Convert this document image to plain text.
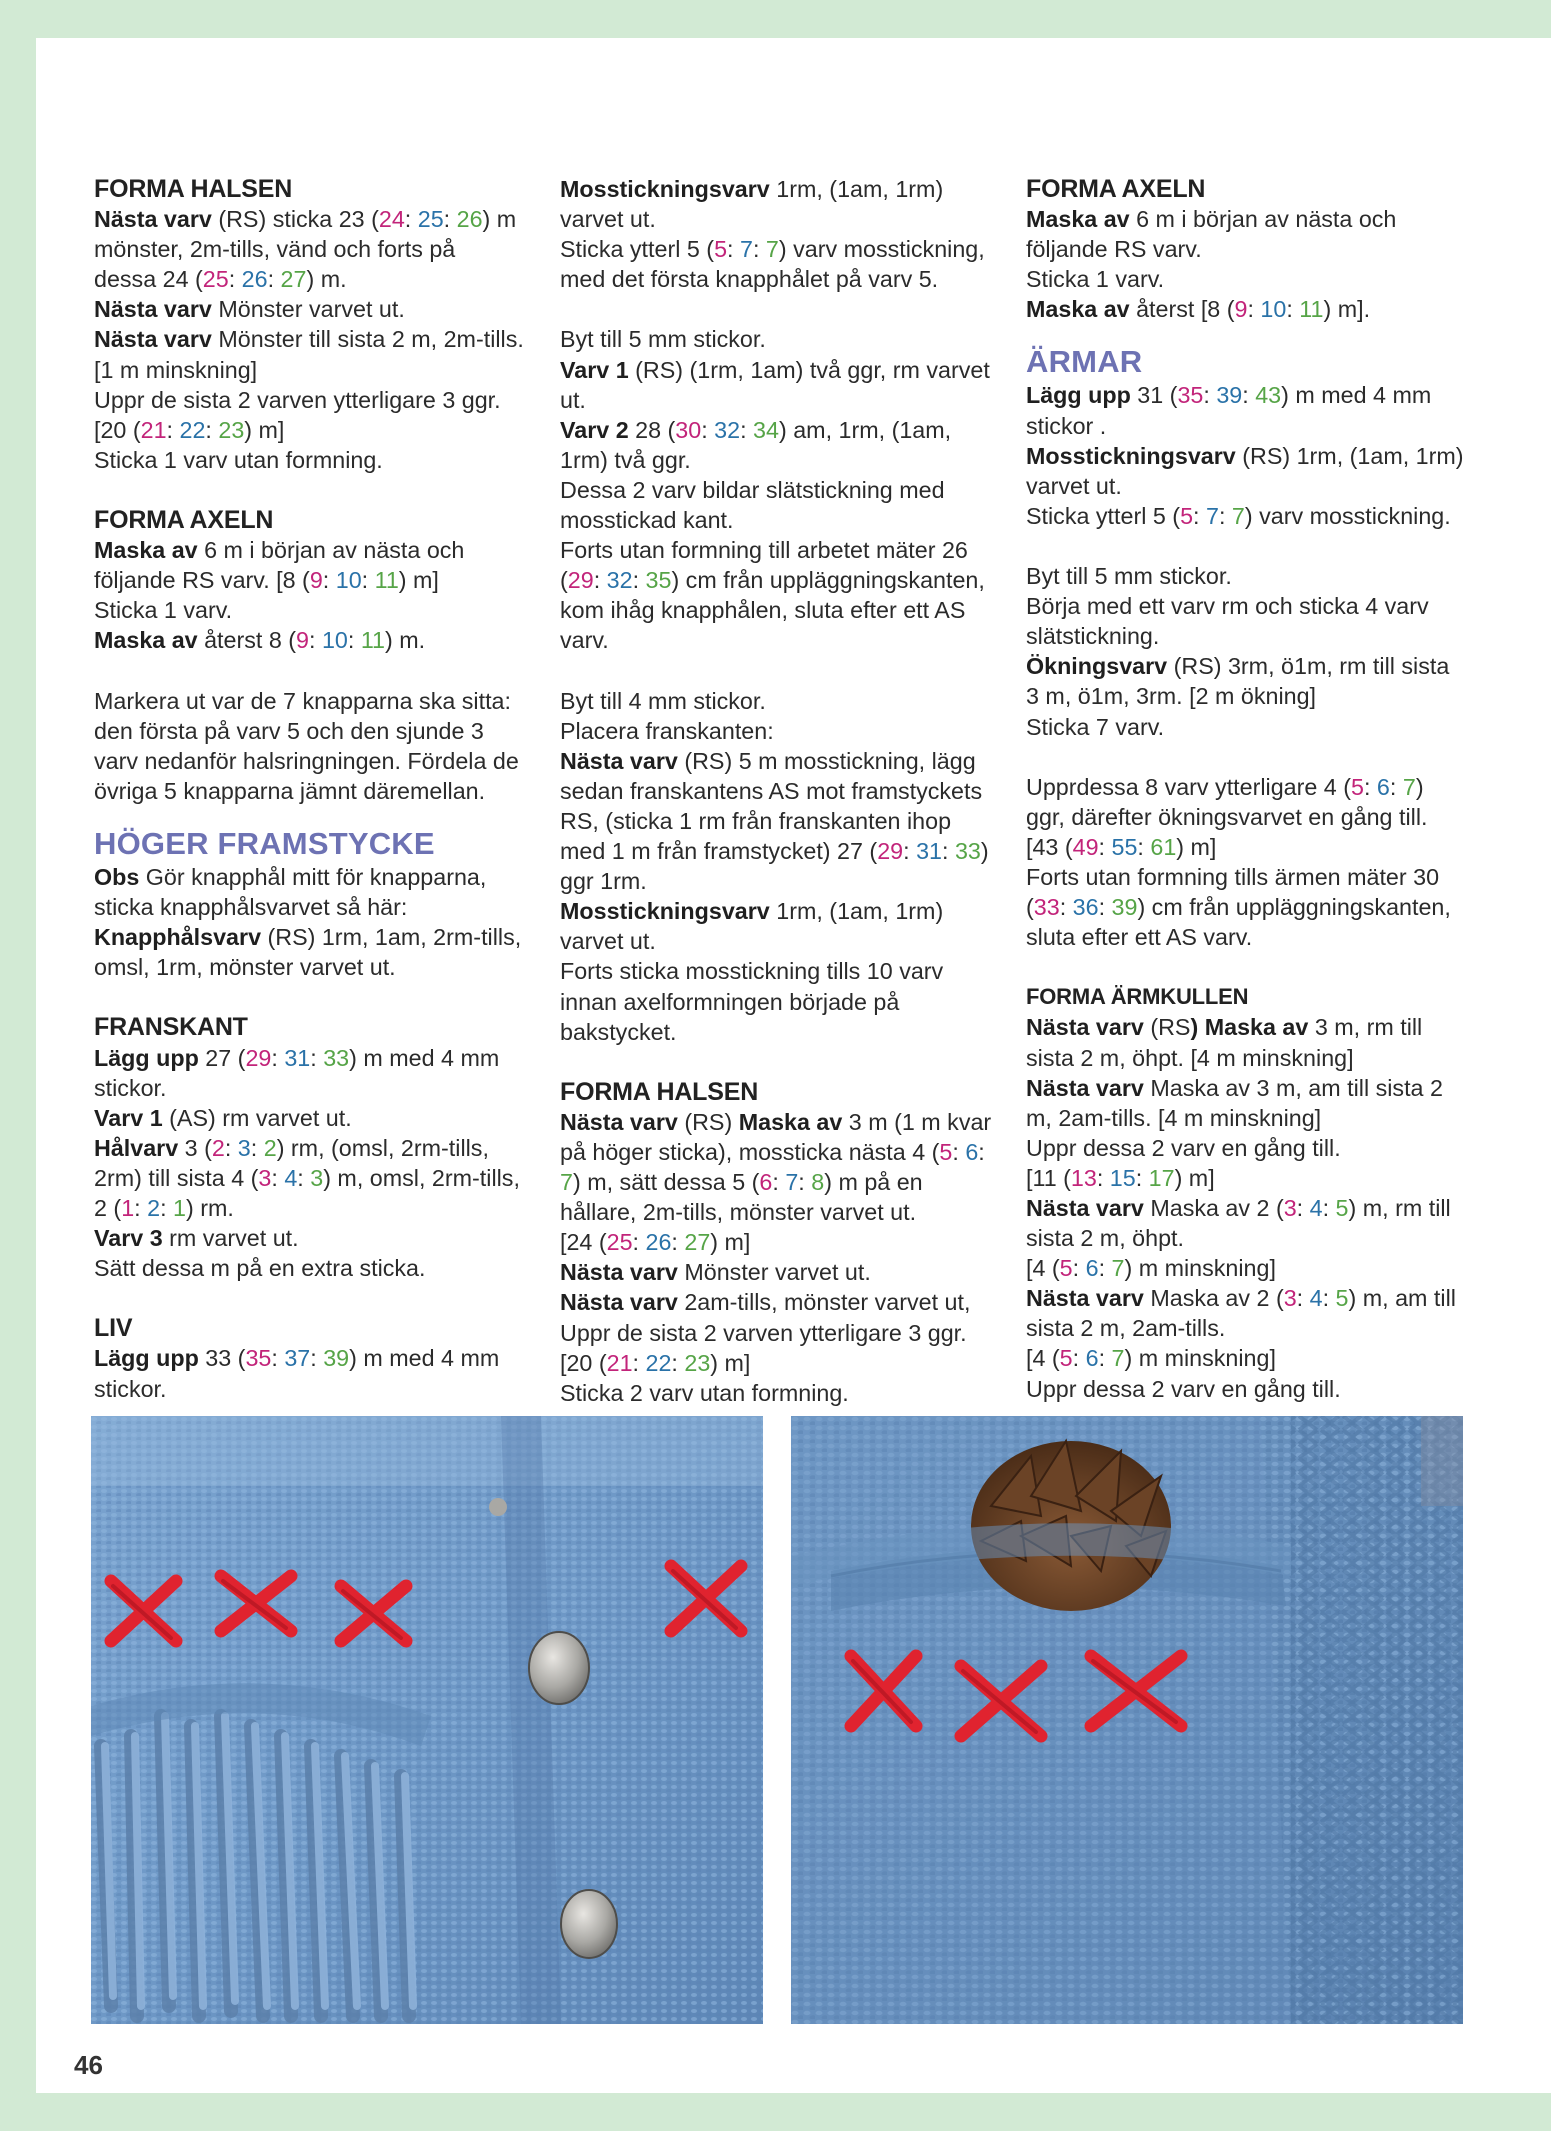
FORMA HALSEN

Nästa varv (RS) sticka 23 (24: 25: 26) m

mönster, 2m-tills, vänd och forts på

dessa 24 (25: 26: 27) m.

Nästa varv Mönster varvet ut.

Nästa varv Mönster till sista 2 m, 2m-tills.

[1 m minskning]

Uppr de sista 2 varven ytterligare 3 ggr.

[20 (21: 22: 23) m]

Sticka 1 varv utan formning.

FORMA AXELN

Maska av 6 m i början av nästa och

följande RS varv. [8 (9: 10: 11) m]

Sticka 1 varv.

Maska av återst 8 (9: 10: 11) m.

Markera ut var de 7 knapparna ska sitta:

den första på varv 5 och den sjunde 3

varv nedanför halsringningen. Fördela de

övriga 5 knapparna jämnt däremellan.

HÖGER FRAMSTYCKE

Obs Gör knapphål mitt för knapparna,

sticka knapphålsvarvet så här:

Knapphålsvarv (RS) 1rm, 1am, 2rm-tills,

omsl, 1rm, mönster varvet ut.

FRANSKANT

Lägg upp 27 (29: 31: 33) m med 4 mm

stickor.

Varv 1 (AS) rm varvet ut.

Hålvarv 3 (2: 3: 2) rm, (omsl, 2rm-tills,

2rm) till sista 4 (3: 4: 3) m, omsl, 2rm-tills,

2 (1: 2: 1) rm.

Varv 3 rm varvet ut.

Sätt dessa m på en extra sticka.

LIV

Lägg upp 33 (35: 37: 39) m med 4 mm

stickor.

Mosstickningsvarv 1rm, (1am, 1rm)

varvet ut.

Sticka ytterl 5 (5: 7: 7) varv mosstickning,

med det första knapphålet på varv 5.

Byt till 5 mm stickor.

Varv 1 (RS) (1rm, 1am) två ggr, rm varvet

ut.

Varv 2 28 (30: 32: 34) am, 1rm, (1am,

1rm) två ggr.

Dessa 2 varv bildar slätstickning med

mosstickad kant.

Forts utan formning till arbetet mäter 26

(29: 32: 35) cm från uppläggningskanten,

kom ihåg knapphålen, sluta efter ett AS

varv.

Byt till 4 mm stickor.

Placera franskanten:

Nästa varv (RS) 5 m mosstickning, lägg

sedan franskantens AS mot framstyckets

RS, (sticka 1 rm från franskanten ihop

med 1 m från framstycket) 27 (29: 31: 33)

ggr 1rm.

Mosstickningsvarv 1rm, (1am, 1rm)

varvet ut.

Forts sticka mosstickning tills 10 varv

innan axelformningen började på

bakstycket.

FORMA HALSEN

Nästa varv (RS) Maska av 3 m (1 m kvar

på höger sticka), mossticka nästa 4 (5: 6:

7) m, sätt dessa 5 (6: 7: 8) m på en

hållare, 2m-tills, mönster varvet ut.

[24 (25: 26: 27) m]

Nästa varv Mönster varvet ut.

Nästa varv 2am-tills, mönster varvet ut,

Uppr de sista 2 varven ytterligare 3 ggr.

[20 (21: 22: 23) m]

Sticka 2 varv utan formning.

FORMA AXELN

Maska av 6 m i början av nästa och

följande RS varv.

Sticka 1 varv.

Maska av återst [8 (9: 10: 11) m].

ÄRMAR

Lägg upp 31 (35: 39: 43) m med 4 mm

stickor .

Mosstickningsvarv (RS) 1rm, (1am, 1rm)

varvet ut.

Sticka ytterl 5 (5: 7: 7) varv mosstickning.

Byt till 5 mm stickor.

Börja med ett varv rm och sticka 4 varv

slätstickning.

Ökningsvarv (RS) 3rm, ö1m, rm till sista

3 m, ö1m, 3rm. [2 m ökning]

Sticka 7 varv.

Upprdessa 8 varv ytterligare 4 (5: 6: 7)

ggr, därefter ökningsvarvet en gång till.

[43 (49: 55: 61) m]

Forts utan formning tills ärmen mäter 30

(33: 36: 39) cm från uppläggningskanten,

sluta efter ett AS varv.

FORMA ÄRMKULLEN

Nästa varv (RS) Maska av 3 m, rm till

sista 2 m, öhpt. [4 m minskning]

Nästa varv Maska av 3 m, am till sista 2

m, 2am-tills. [4 m minskning]

Uppr dessa 2 varv en gång till.

[11 (13: 15: 17) m]

Nästa varv Maska av 2 (3: 4: 5) m, rm till

sista 2 m, öhpt.

[4 (5: 6: 7) m minskning]

Nästa varv Maska av 2 (3: 4: 5) m, am till

sista 2 m, 2am-tills.

[4 (5: 6: 7) m minskning]

Uppr dessa 2 varv en gång till.

46
